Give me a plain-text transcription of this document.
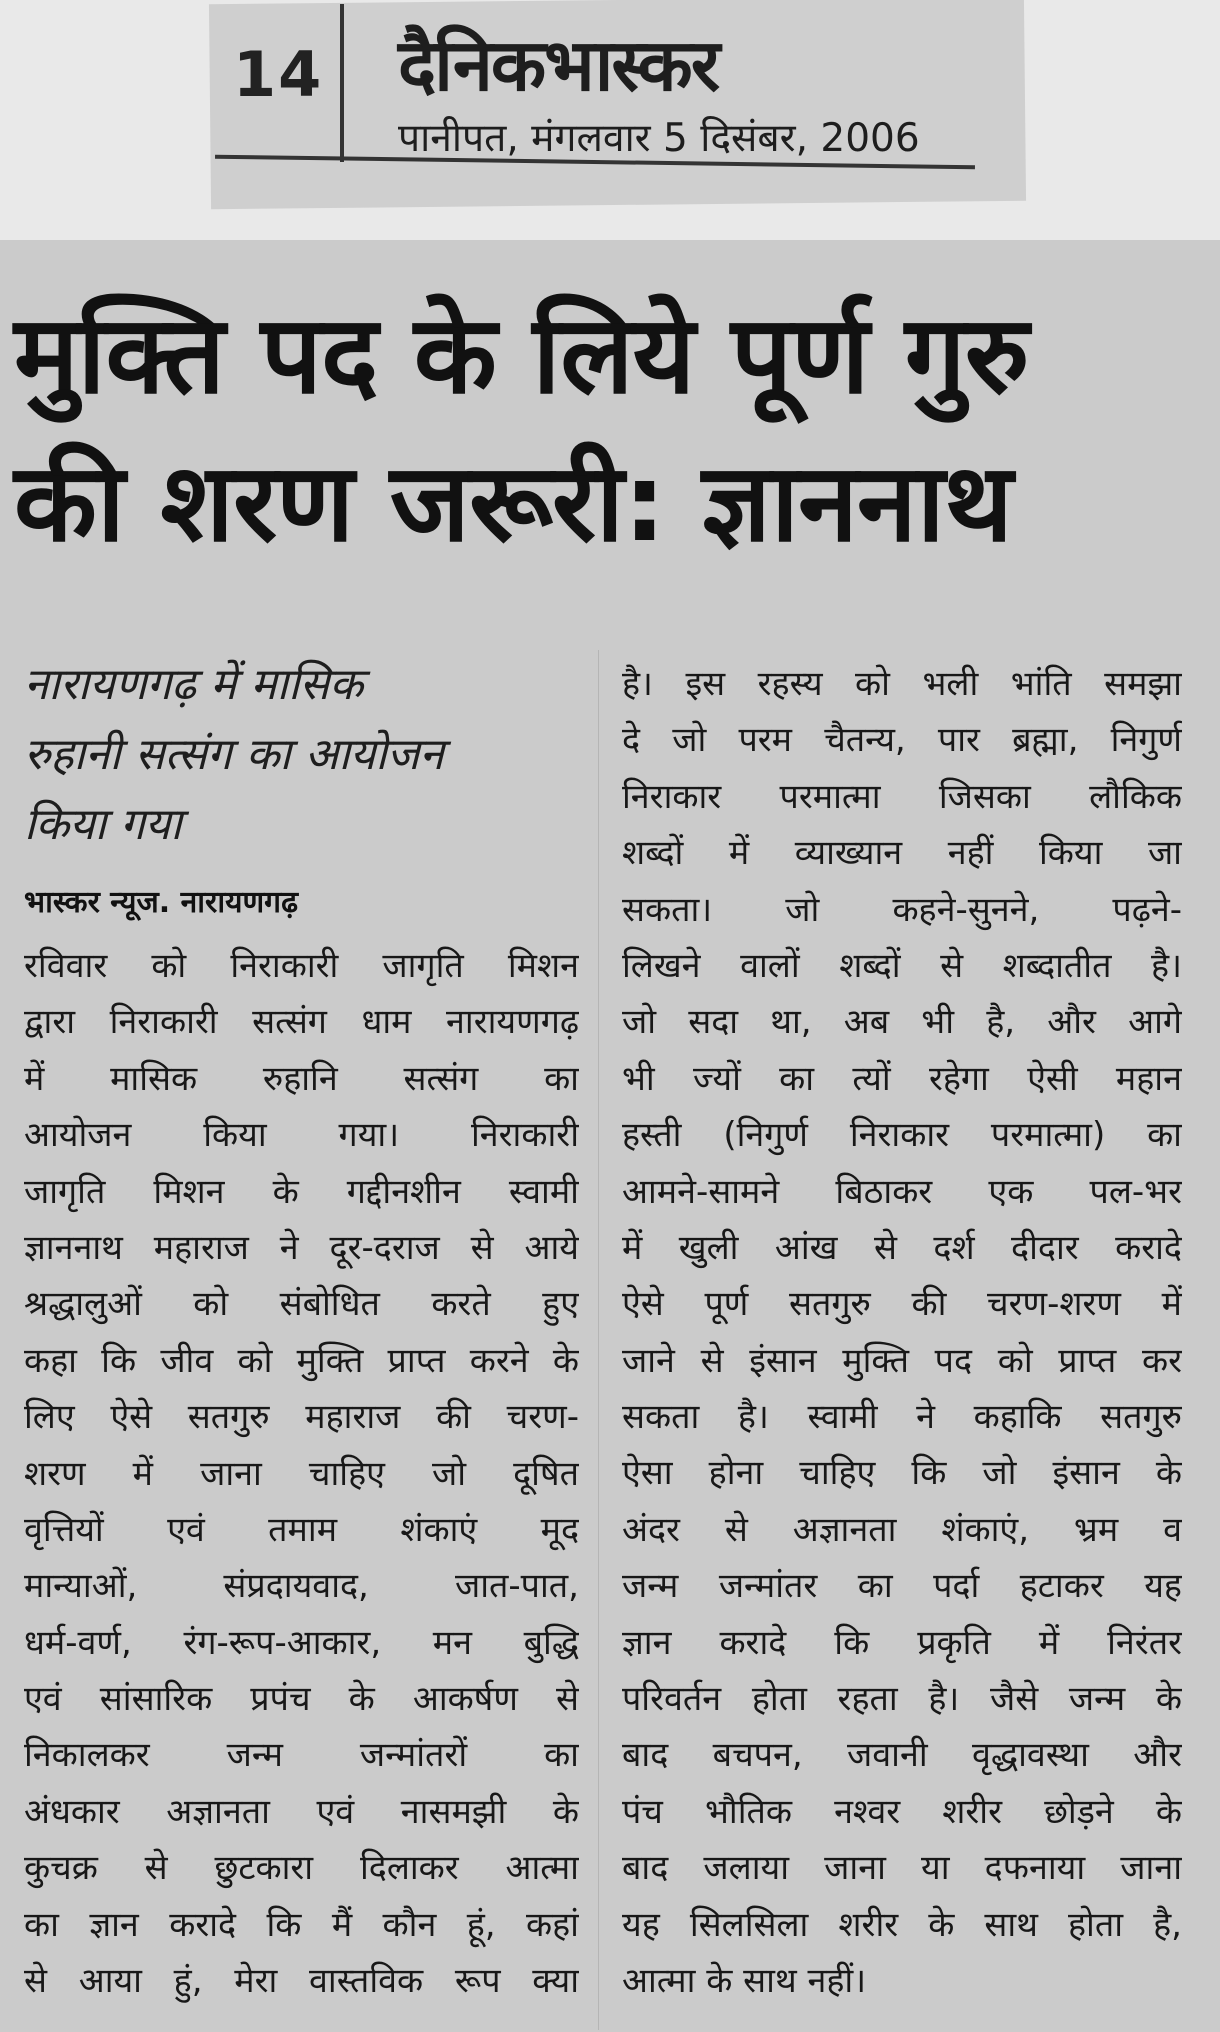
14 दैनिकभास्कर
पानीपत, मंगलवार 5 दिसंबर, 2006
मुक्ति पद के लिये पूर्ण गुरु
की शरण जरूरी: ज्ञाननाथ
नारायणगढ़ में मासिक
रुहानी सत्संग का आयोजन
किया गया
भास्कर न्यूज. नारायणगढ़
रविवार को निराकारी जागृति मिशन
द्वारा निराकारी सत्संग धाम नारायणगढ़
में मासिक रुहानि सत्संग का
आयोजन किया गया। निराकारी
जागृति मिशन के गद्दीनशीन स्वामी
ज्ञाननाथ महाराज ने दूर-दराज से आये
श्रद्धालुओं को संबोधित करते हुए
कहा कि जीव को मुक्ति प्राप्त करने के
लिए ऐसे सतगुरु महाराज की चरण-
शरण में जाना चाहिए जो दूषित
वृत्तियों एवं तमाम शंकाएं मूद
मान्याओं, संप्रदायवाद, जात-पात,
धर्म-वर्ण, रंग-रूप-आकार, मन बुद्धि
एवं सांसारिक प्रपंच के आकर्षण से
निकालकर जन्म जन्मांतरों का
अंधकार अज्ञानता एवं नासमझी के
कुचक्र से छुटकारा दिलाकर आत्मा
का ज्ञान करादे कि मैं कौन हूं, कहां
से आया हुं, मेरा वास्तविक रूप क्या
है। इस रहस्य को भली भांति समझा
दे जो परम चैतन्य, पार ब्रह्मा, निगुर्ण
निराकार परमात्मा जिसका लौकिक
शब्दों में व्याख्यान नहीं किया जा
सकता। जो कहने-सुनने, पढ़ने-
लिखने वालों शब्दों से शब्दातीत है।
जो सदा था, अब भी है, और आगे
भी ज्यों का त्यों रहेगा ऐसी महान
हस्ती (निगुर्ण निराकार परमात्मा) का
आमने-सामने बिठाकर एक पल-भर
में खुली आंख से दर्श दीदार करादे
ऐसे पूर्ण सतगुरु की चरण-शरण में
जाने से इंसान मुक्ति पद को प्राप्त कर
सकता है। स्वामी ने कहाकि सतगुरु
ऐसा होना चाहिए कि जो इंसान के
अंदर से अज्ञानता शंकाएं, भ्रम व
जन्म जन्मांतर का पर्दा हटाकर यह
ज्ञान करादे कि प्रकृति में निरंतर
परिवर्तन होता रहता है। जैसे जन्म के
बाद बचपन, जवानी वृद्धावस्था और
पंच भौतिक नश्वर शरीर छोड़ने के
बाद जलाया जाना या दफनाया जाना
यह सिलसिला शरीर के साथ होता है,
आत्मा के साथ नहीं।
